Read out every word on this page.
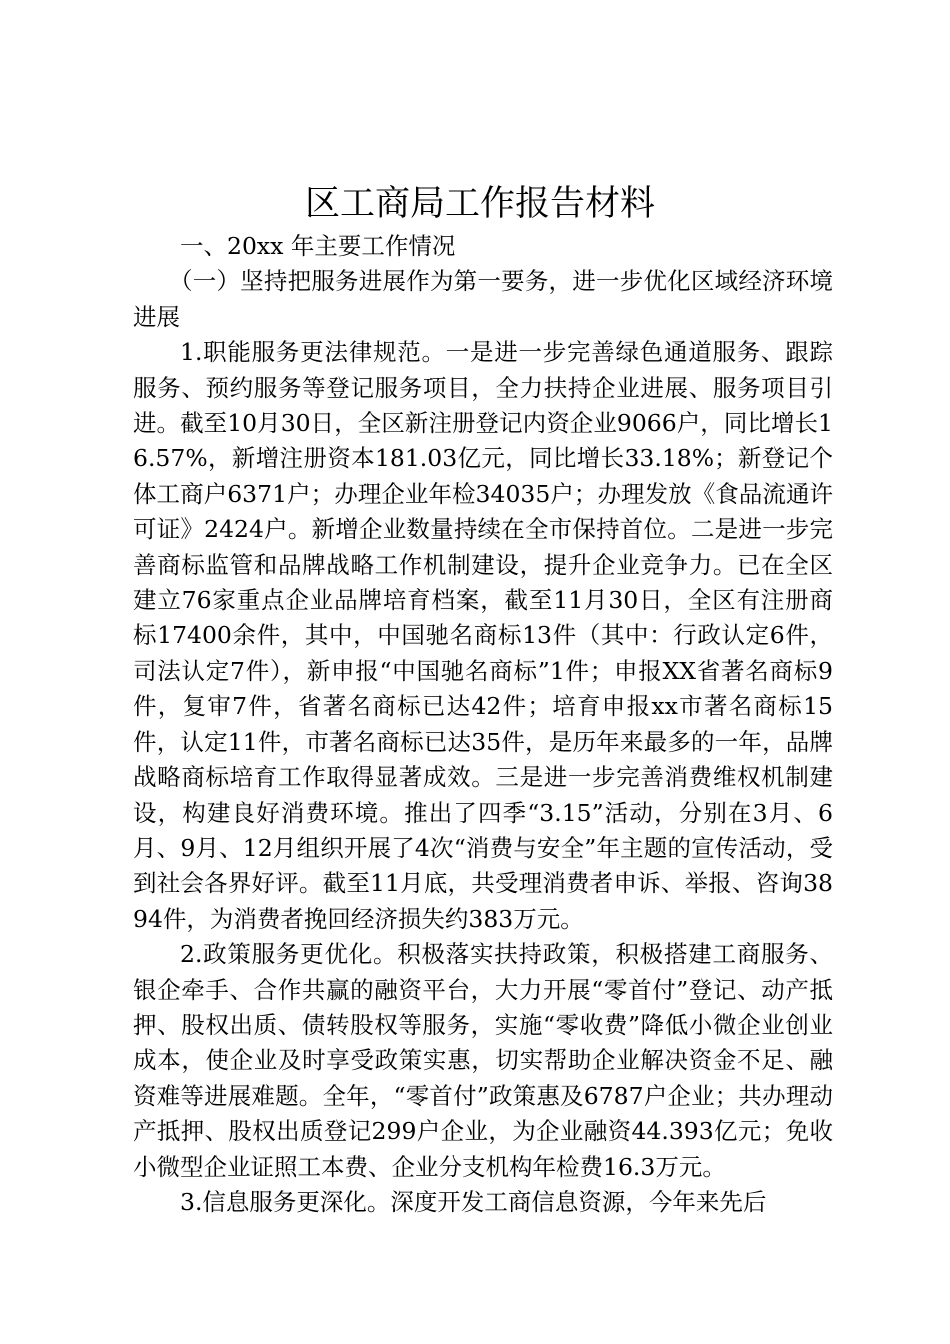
区工商局工作报告材料

一、20xx 年主要工作情况

（一）坚持把服务进展作为第一要务，进一步优化区域经济环境进展

1.职能服务更法律规范。一是进一步完善绿色通道服务、跟踪服务、预约服务等登记服务项目，全力扶持企业进展、服务项目引进。截至10月30日，全区新注册登记内资企业9066户，同比增长16.57%，新增注册资本181.03亿元，同比增长33.18%；新登记个体工商户6371户；办理企业年检34035户；办理发放《食品流通许可证》2424户。新增企业数量持续在全市保持首位。二是进一步完善商标监管和品牌战略工作机制建设，提升企业竞争力。已在全区建立76家重点企业品牌培育档案，截至11月30日，全区有注册商标17400余件，其中，中国驰名商标13件（其中：行政认定6件，司法认定7件），新申报“中国驰名商标”1件；申报XX省著名商标9件，复审7件，省著名商标已达42件；培育申报xx市著名商标15件，认定11件，市著名商标已达35件，是历年来最多的一年，品牌战略商标培育工作取得显著成效。三是进一步完善消费维权机制建设，构建良好消费环境。推出了四季“3.15”活动，分别在3月、6月、9月、12月组织开展了4次“消费与安全”年主题的宣传活动，受到社会各界好评。截至11月底，共受理消费者申诉、举报、咨询3894件，为消费者挽回经济损失约383万元。

2.政策服务更优化。积极落实扶持政策，积极搭建工商服务、银企牵手、合作共赢的融资平台，大力开展“零首付”登记、动产抵押、股权出质、债转股权等服务，实施“零收费”降低小微企业创业成本，使企业及时享受政策实惠，切实帮助企业解决资金不足、融资难等进展难题。全年，“零首付”政策惠及6787户企业；共办理动产抵押、股权出质登记299户企业，为企业融资44.393亿元；免收小微型企业证照工本费、企业分支机构年检费16.3万元。

3.信息服务更深化。深度开发工商信息资源，今年来先后
